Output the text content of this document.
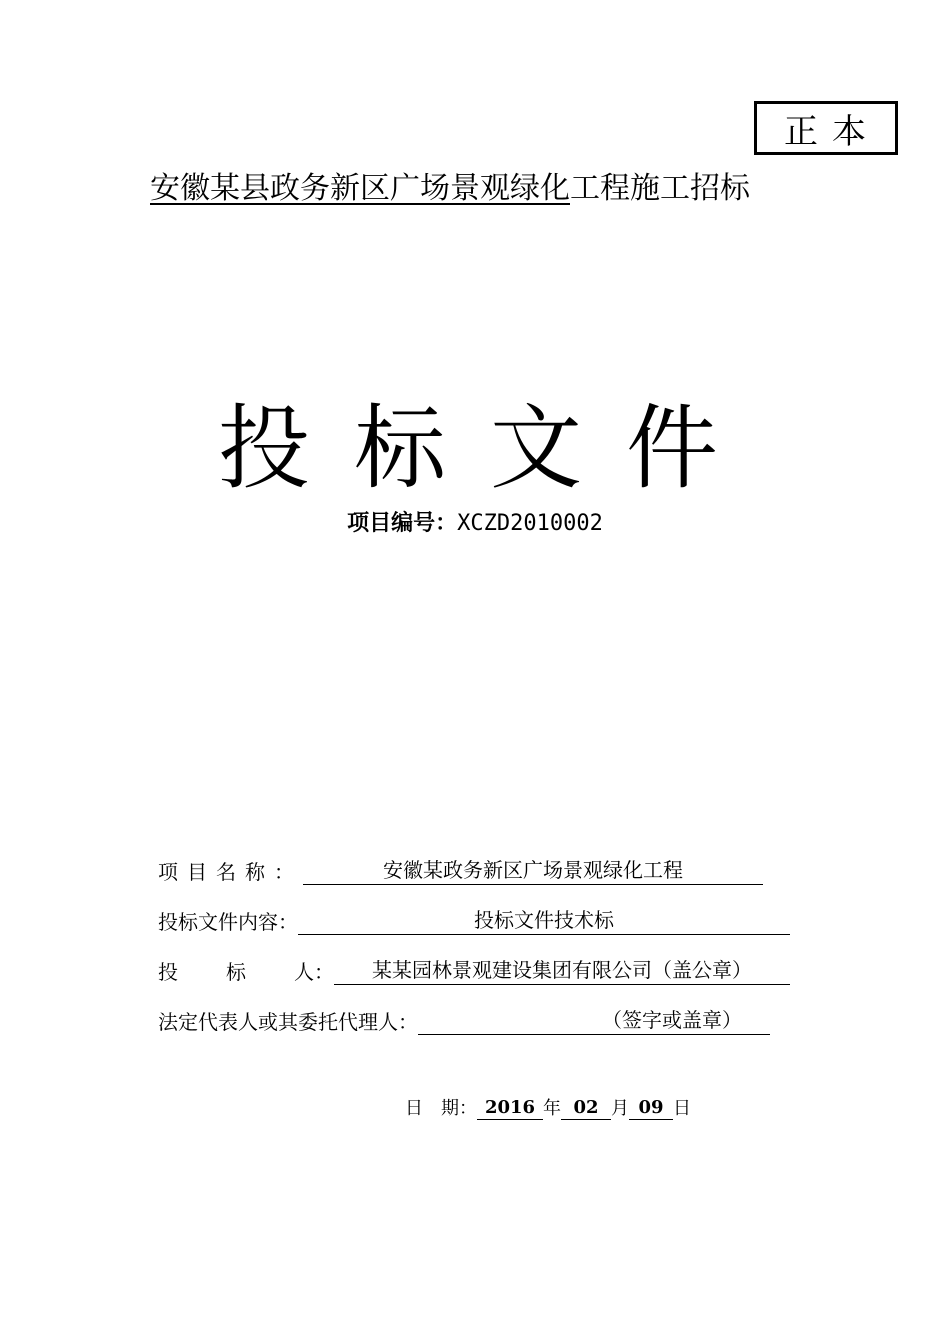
正本
安徽某县政务新区广场景观绿化工程施工招标
投标文件
项目编号：XCZD2010002
项目名称：	安徽某政务新区广场景观绿化工程
投标文件内容：	投标文件技术标
投 标 人 ：	某某园林景观建设集团有限公司（盖公章）
法定代表人或其委托代理人：	（签字或盖章）
日　期： 2016 年 02 月 09 日
